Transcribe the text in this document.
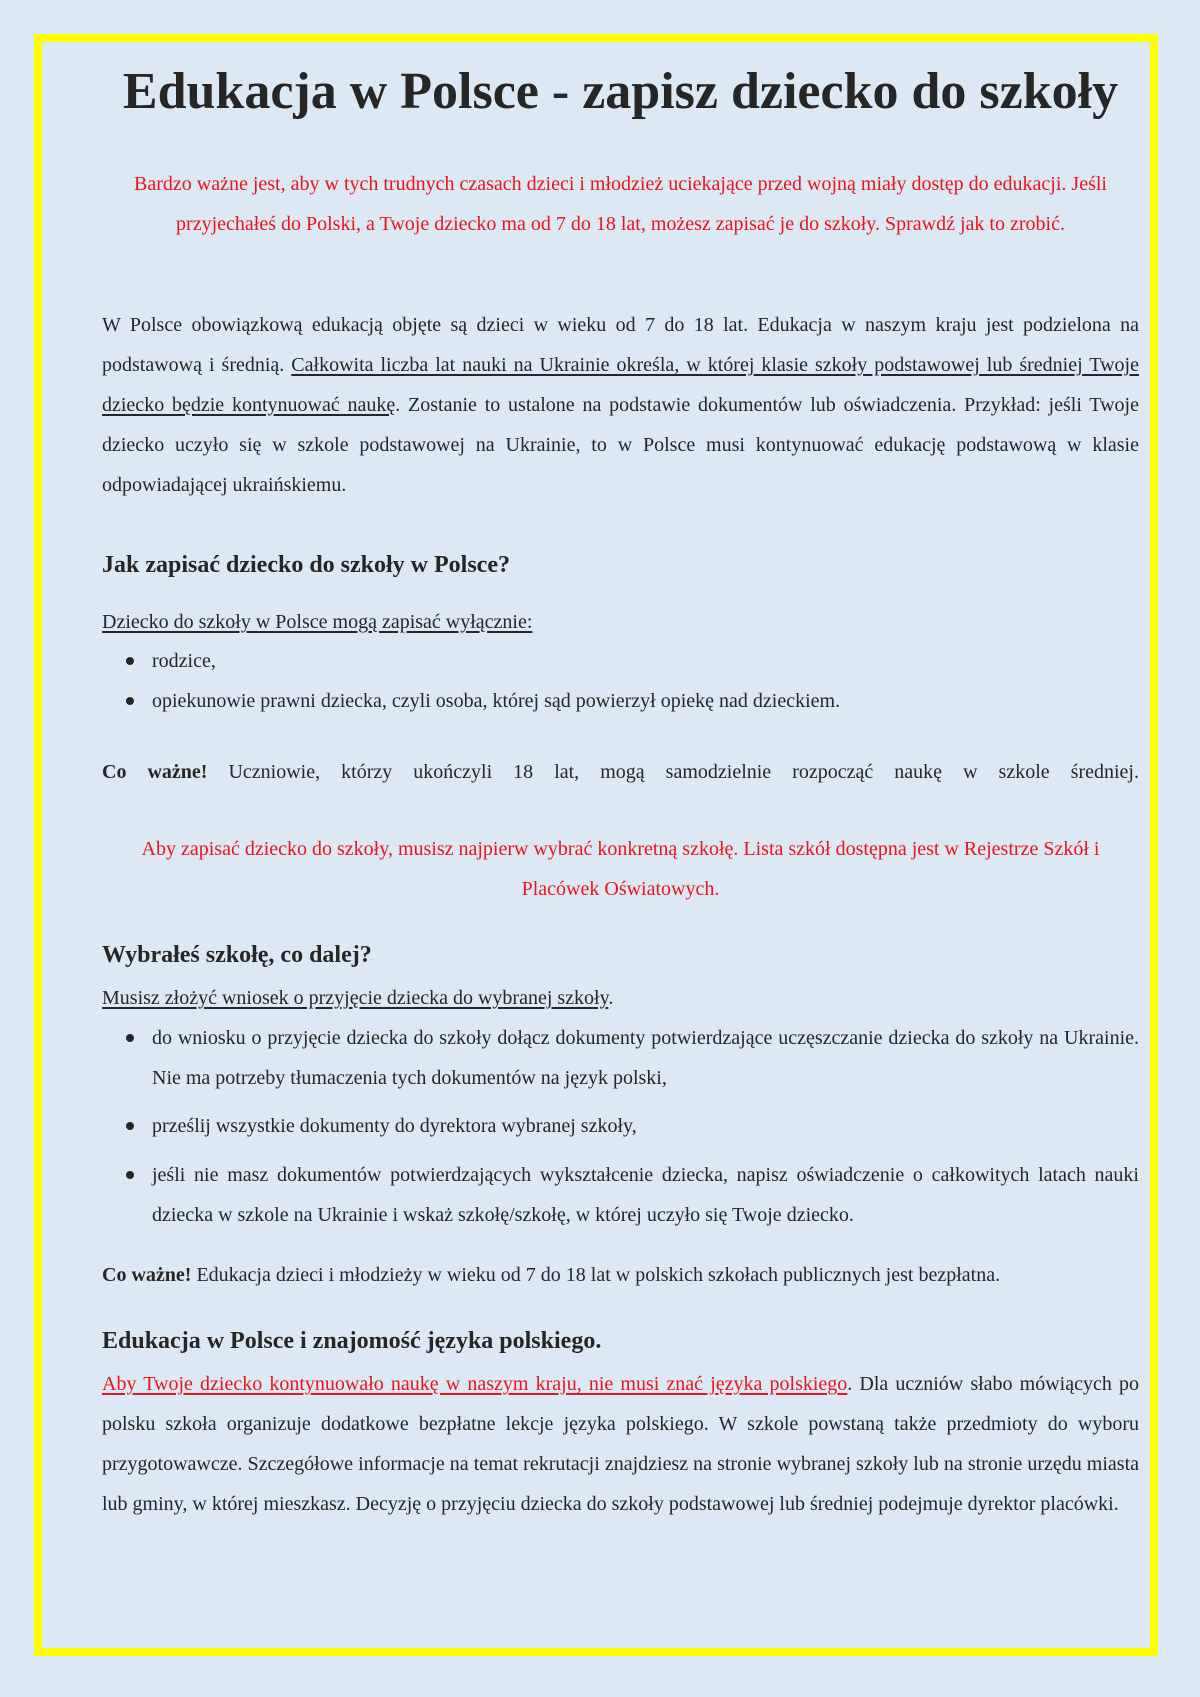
Edukacja w Polsce - zapisz dziecko do szkoły

Bardzo ważne jest, aby w tych trudnych czasach dzieci i młodzież uciekające przed wojną miały dostęp do edukacji. Jeśli przyjechałeś do Polski, a Twoje dziecko ma od 7 do 18 lat, możesz zapisać je do szkoły. Sprawdź jak to zrobić.

W Polsce obowiązkową edukacją objęte są dzieci w wieku od 7 do 18 lat. Edukacja w naszym kraju jest podzielona na podstawową i średnią. Całkowita liczba lat nauki na Ukrainie określa, w której klasie szkoły podstawowej lub średniej Twoje dziecko będzie kontynuować naukę. Zostanie to ustalone na podstawie dokumentów lub oświadczenia. Przykład: jeśli Twoje dziecko uczyło się w szkole podstawowej na Ukrainie, to w Polsce musi kontynuować edukację podstawową w klasie odpowiadającej ukraińskiemu.

Jak zapisać dziecko do szkoły w Polsce?

Dziecko do szkoły w Polsce mogą zapisać wyłącznie:

rodzice,
opiekunowie prawni dziecka, czyli osoba, której sąd powierzył opiekę nad dzieckiem.

Co ważne! Uczniowie, którzy ukończyli 18 lat, mogą samodzielnie rozpocząć naukę w szkole średniej.

Aby zapisać dziecko do szkoły, musisz najpierw wybrać konkretną szkołę. Lista szkół dostępna jest w Rejestrze Szkół i Placówek Oświatowych.

Wybrałeś szkołę, co dalej?

Musisz złożyć wniosek o przyjęcie dziecka do wybranej szkoły.

do wniosku o przyjęcie dziecka do szkoły dołącz dokumenty potwierdzające uczęszczanie dziecka do szkoły na Ukrainie. Nie ma potrzeby tłumaczenia tych dokumentów na język polski,
prześlij wszystkie dokumenty do dyrektora wybranej szkoły,
jeśli nie masz dokumentów potwierdzających wykształcenie dziecka, napisz oświadczenie o całkowitych latach nauki dziecka w szkole na Ukrainie i wskaż szkołę/szkołę, w której uczyło się Twoje dziecko.

Co ważne! Edukacja dzieci i młodzieży w wieku od 7 do 18 lat w polskich szkołach publicznych jest bezpłatna.

Edukacja w Polsce i znajomość języka polskiego.

Aby Twoje dziecko kontynuowało naukę w naszym kraju, nie musi znać języka polskiego. Dla uczniów słabo mówiących po polsku szkoła organizuje dodatkowe bezpłatne lekcje języka polskiego. W szkole powstaną także przedmioty do wyboru przygotowawcze. Szczegółowe informacje na temat rekrutacji znajdziesz na stronie wybranej szkoły lub na stronie urzędu miasta lub gminy, w której mieszkasz. Decyzję o przyjęciu dziecka do szkoły podstawowej lub średniej podejmuje dyrektor placówki.
